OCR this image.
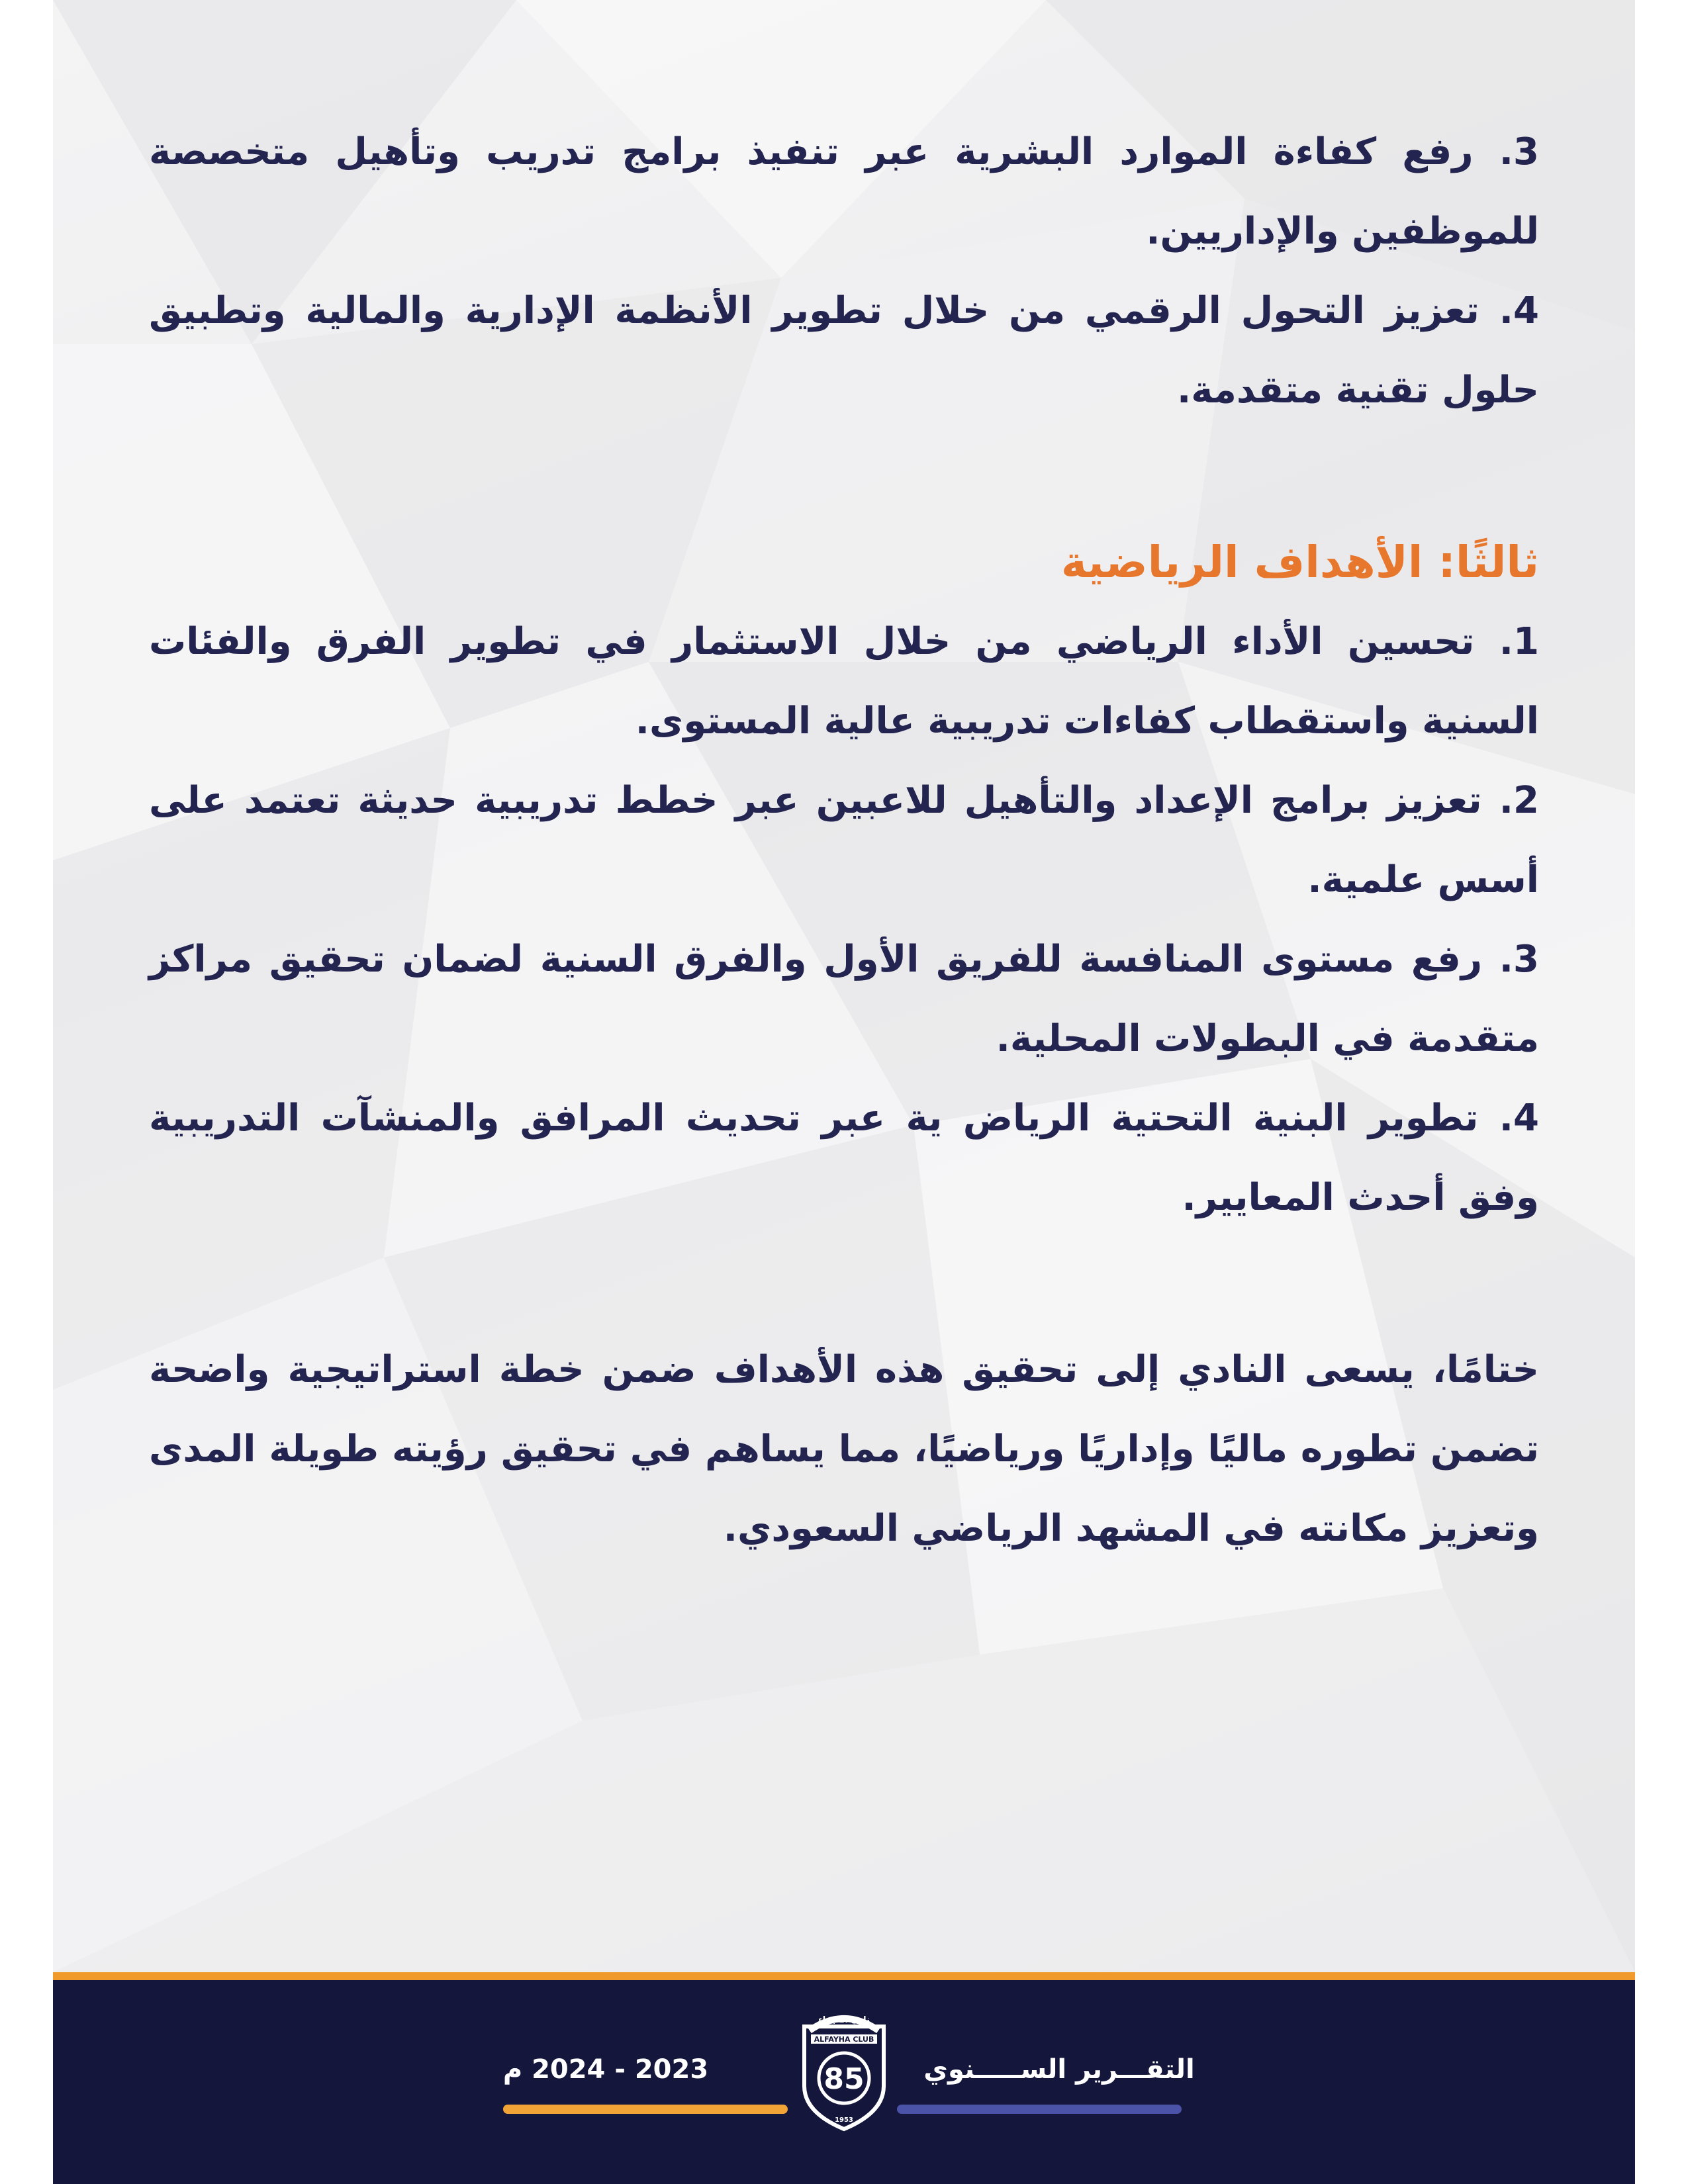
3. رفع كفاءة الموارد البشرية عبر تنفيذ برامج تدريب وتأهيل متخصصة للموظفين والإداريين.

4. تعزيز التحول الرقمي من خلال تطوير الأنظمة الإدارية والمالية وتطبيق حلول تقنية متقدمة.

ثالثًا: الأهداف الرياضية

1. تحسين الأداء الرياضي من خلال الاستثمار في تطوير الفرق والفئات السنية واستقطاب كفاءات تدريبية عالية المستوى.

2. تعزيز برامج الإعداد والتأهيل للاعبين عبر خطط تدريبية حديثة تعتمد على أسس علمية.

3. رفع مستوى المنافسة للفريق الأول والفرق السنية لضمان تحقيق مراكز متقدمة في البطولات المحلية.

4. تطوير البنية التحتية الرياض ية عبر تحديث المرافق والمنشآت التدريبية وفق أحدث المعايير.

ختامًا، يسعى النادي إلى تحقيق هذه الأهداف ضمن خطة استراتيجية واضحة تضمن تطوره ماليًا وإداريًا ورياضيًا، مما يساهم في تحقيق رؤيته طويلة المدى وتعزيز مكانته في المشهد الرياضي السعودي.

التقـــرير الســـــنوي
نادي الفيحاء
ALFAYHA CLUB
85
1953
2023 - 2024 م
